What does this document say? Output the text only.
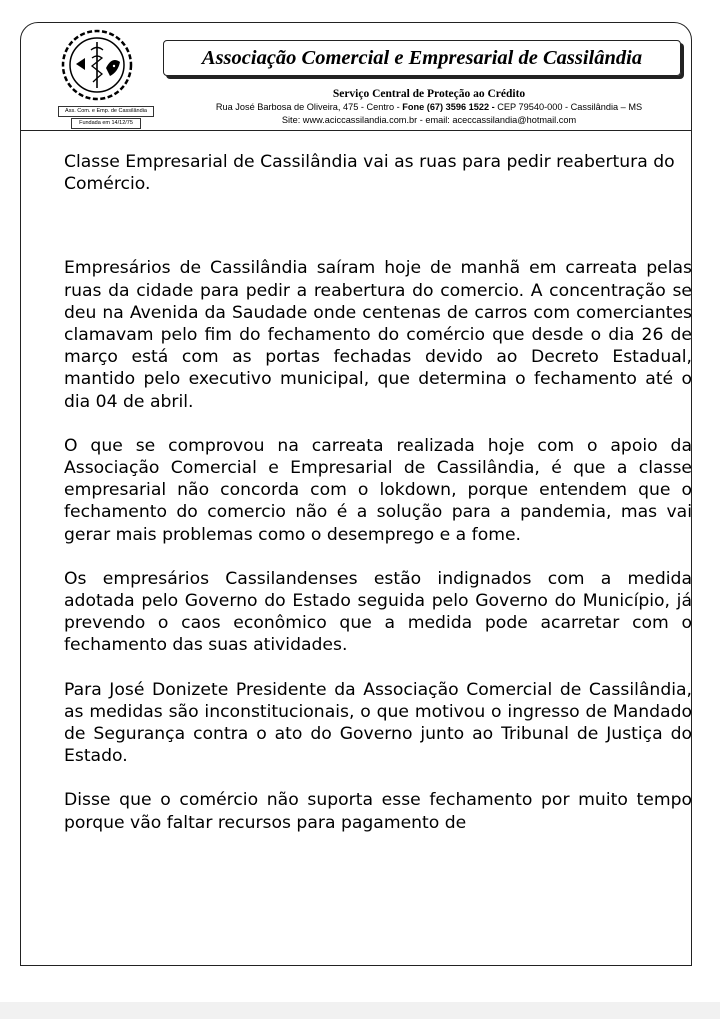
Ass. Com. e Emp. de Cassilândia
Fundada em 14/12/75
Associação Comercial e Empresarial de Cassilândia
Serviço Central de Proteção ao Crédito
Rua José Barbosa de Oliveira, 475 - Centro - Fone (67) 3596 1522 - CEP 79540-000 - Cassilândia – MS
Site: www.aciccassilandia.com.br - email: aceccassilandia@hotmail.com

Classe Empresarial de Cassilândia vai as ruas para pedir reabertura do Comércio.

Empresários de Cassilândia saíram hoje de manhã em carreata pelas ruas da cidade para pedir a reabertura do comercio. A concentração se deu na Avenida da Saudade onde centenas de carros com comerciantes clamavam pelo fim do fechamento do comércio que desde o dia 26 de março está com as portas fechadas devido ao Decreto Estadual, mantido pelo executivo municipal, que determina o fechamento até o dia 04 de abril.

O que se comprovou na carreata realizada hoje com o apoio da Associação Comercial e Empresarial de Cassilândia, é que a classe empresarial não concorda com o lokdown, porque entendem que o fechamento do comercio não é a solução para a pandemia, mas vai gerar mais problemas como o desemprego e a fome.

Os empresários Cassilandenses estão indignados com a medida adotada pelo Governo do Estado seguida pelo Governo do Município, já prevendo o caos econômico que a medida pode acarretar com o fechamento das suas atividades.

Para José Donizete Presidente da Associação Comercial de Cassilândia, as medidas são inconstitucionais, o que motivou o ingresso de Mandado de Segurança contra o ato do Governo junto ao Tribunal de Justiça do Estado.

Disse que o comércio não suporta esse fechamento por muito tempo porque vão faltar recursos para pagamento de
